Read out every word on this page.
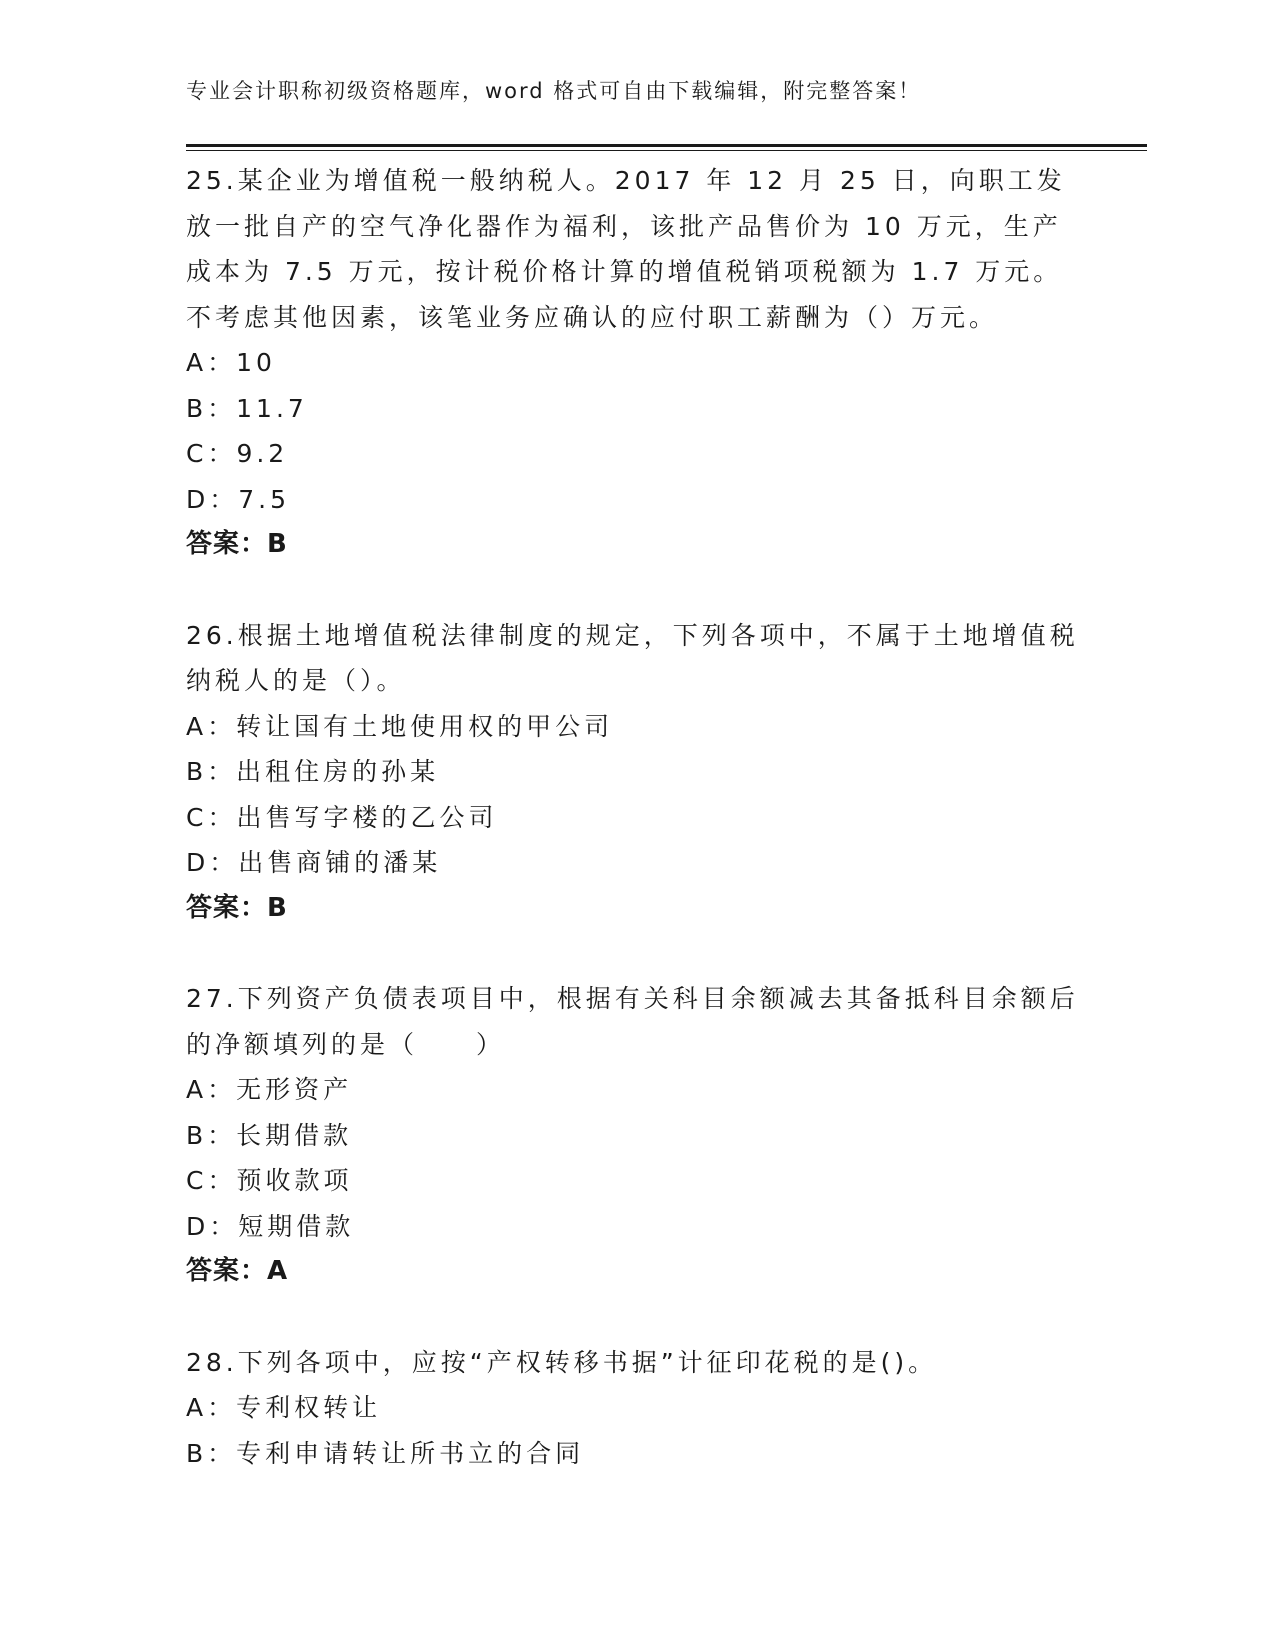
专业会计职称初级资格题库，word 格式可自由下载编辑，附完整答案！

25.某企业为增值税一般纳税人。2017 年 12 月 25 日，向职工发放一批自产的空气净化器作为福利，该批产品售价为 10 万元，生产成本为 7.5 万元，按计税价格计算的增值税销项税额为 1.7 万元。不考虑其他因素，该笔业务应确认的应付职工薪酬为（）万元。

A：10
B：11.7
C：9.2
D：7.5
答案：B

26.根据土地增值税法律制度的规定，下列各项中，不属于土地增值税纳税人的是（）。

A：转让国有土地使用权的甲公司
B：出租住房的孙某
C：出售写字楼的乙公司
D：出售商铺的潘某
答案：B

27.下列资产负债表项目中，根据有关科目余额减去其备抵科目余额后的净额填列的是（　　）

A：无形资产
B：长期借款
C：预收款项
D：短期借款
答案：A

28.下列各项中，应按“产权转移书据”计征印花税的是()。

A：专利权转让
B：专利申请转让所书立的合同
